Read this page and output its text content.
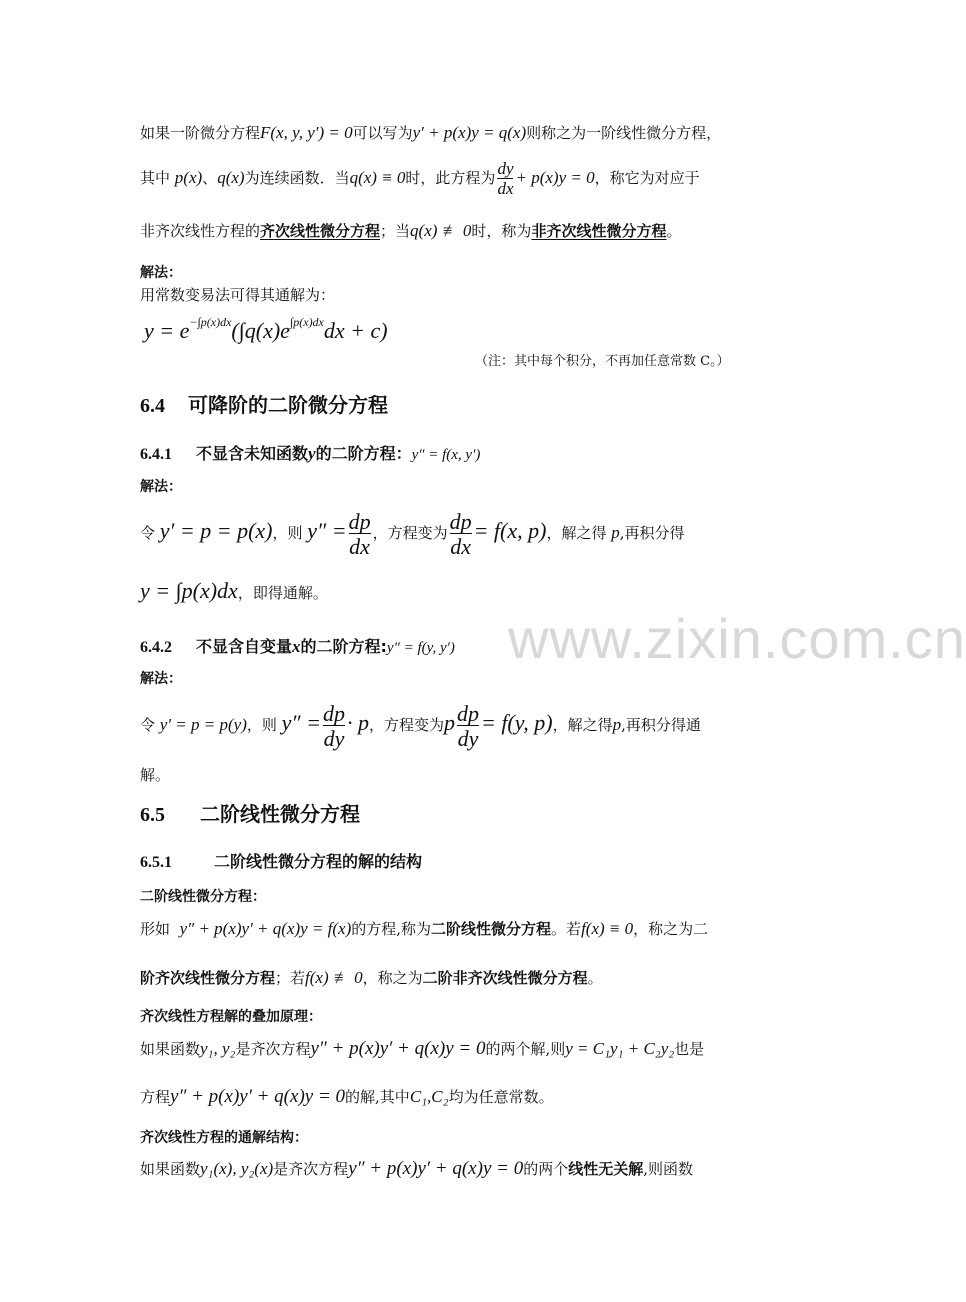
www.zixin.com.cn
如果一阶微分方程F(x, y, y′) = 0可以写为y′ + p(x)y = q(x)则称之为一阶线性微分方程，
其中 p(x)、q(x)为连续函数．当q(x) ≡ 0时，此方程为 $\frac{dy}{dx} + p(x)y = 0$，称它为对应于
非齐次线性方程的齐次线性微分方程；当q(x) ≢ 0时，称为非齐次线性微分方程。
解法：
用常数变易法可得其通解为：
$y = e^{-\int p(x)dx}(\int q(x)e^{\int p(x)dx}dx + c)$
（注：其中每个积分，不再加任意常数 C。）
6.4 可降阶的二阶微分方程
6.4.1 不显含未知函数y的二阶方程：y″ = f(x, y′)
解法：
令 y′ = p = p(x)，则 $y'' = \frac{dp}{dx}$ ，方程变为 $\frac{dp}{dx} = f(x$, p)，解之得 p,再积分得
y = ∫p(x)dx，即得通解。
6.4.2 不显含自变量x的二阶方程:y″ = f(y, y′)
解法：
令 y′ = p = p(y)，则 $y'' = \frac{dp}{dy} \cdot p$，方程变为p $\frac{dp}{dy} = f(y$, p)，解之得p,再积分得通
解。
6.5 二阶线性微分方程
6.5.1	二阶线性微分方程的解的结构
二阶线性微分方程：
形如 y″ + p(x)y′ + q(x)y = f(x)的方程,称为二阶线性微分方程。若f(x) ≡ 0，称之为二
阶齐次线性微分方程；若f(x) ≢ 0，称之为二阶非齐次线性微分方程。
齐次线性方程解的叠加原理：
如果函数y₁, y₂是齐次方程y″ + p(x)y′ + q(x)y = 0的两个解,则y = C₁y₁ + C₂y₂也是
方程y″ + p(x)y′ + q(x)y = 0的解,其中C₁,C₂均为任意常数。
齐次线性方程的通解结构：
如果函数y₁(x), y₂(x)是齐次方程y″ + p(x)y′ + q(x)y = 0的两个线性无关解,则函数
